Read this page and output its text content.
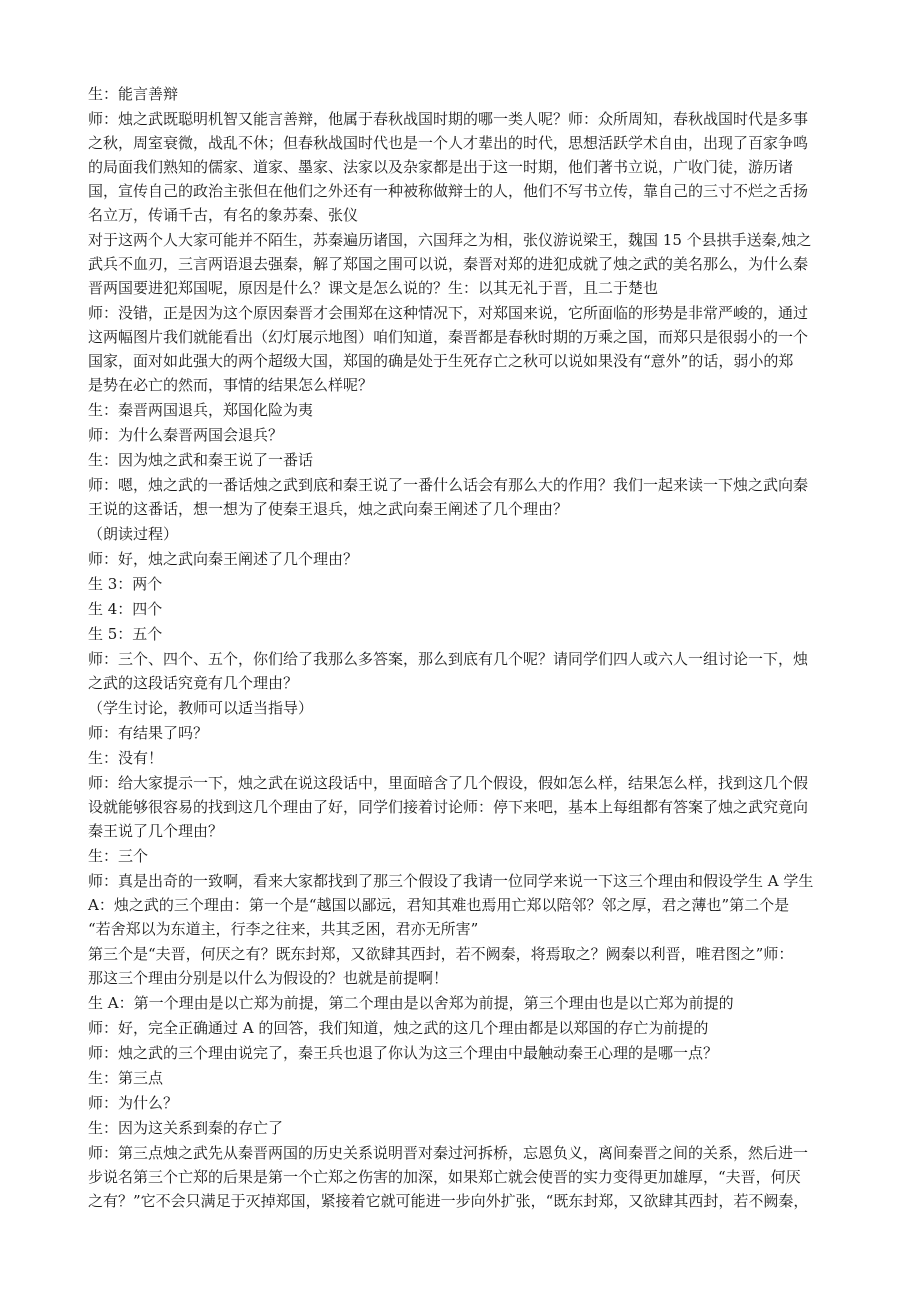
生：能言善辩

师：烛之武既聪明机智又能言善辩，他属于春秋战国时期的哪一类人呢？师：众所周知，春秋战国时代是多事
之秋，周室衰微，战乱不休；但春秋战国时代也是一个人才辈出的时代，思想活跃学术自由，出现了百家争鸣
的局面我们熟知的儒家、道家、墨家、法家以及杂家都是出于这一时期，他们著书立说，广收门徒，游历诸
国，宣传自己的政治主张但在他们之外还有一种被称做辩士的人，他们不写书立传，靠自己的三寸不烂之舌扬
名立万，传诵千古，有名的象苏秦、张仪

对于这两个人大家可能并不陌生，苏秦遍历诸国，六国拜之为相，张仪游说梁王，魏国 15 个县拱手送秦,烛之
武兵不血刃，三言两语退去强秦，解了郑国之围可以说，秦晋对郑的进犯成就了烛之武的美名那么，为什么秦
晋两国要进犯郑国呢，原因是什么？课文是怎么说的？生：以其无礼于晋，且二于楚也

师：没错，正是因为这个原因秦晋才会围郑在这种情况下，对郑国来说，它所面临的形势是非常严峻的，通过
这两幅图片我们就能看出（幻灯展示地图）咱们知道，秦晋都是春秋时期的万乘之国，而郑只是很弱小的一个
国家，面对如此强大的两个超级大国，郑国的确是处于生死存亡之秋可以说如果没有“意外”的话，弱小的郑
是势在必亡的然而，事情的结果怎么样呢？

生：秦晋两国退兵，郑国化险为夷

师：为什么秦晋两国会退兵？

生：因为烛之武和秦王说了一番话

师：嗯，烛之武的一番话烛之武到底和秦王说了一番什么话会有那么大的作用？我们一起来读一下烛之武向秦
王说的这番话，想一想为了使秦王退兵，烛之武向秦王阐述了几个理由？

（朗读过程）

师：好，烛之武向秦王阐述了几个理由？

生 3：两个

生 4：四个

生 5：五个

师：三个、四个、五个，你们给了我那么多答案，那么到底有几个呢？请同学们四人或六人一组讨论一下，烛
之武的这段话究竟有几个理由？

（学生讨论，教师可以适当指导）

师：有结果了吗？

生：没有！

师：给大家提示一下，烛之武在说这段话中，里面暗含了几个假设，假如怎么样，结果怎么样，找到这几个假
设就能够很容易的找到这几个理由了好，同学们接着讨论师：停下来吧，基本上每组都有答案了烛之武究竟向
秦王说了几个理由？

生：三个

师：真是出奇的一致啊，看来大家都找到了那三个假设了我请一位同学来说一下这三个理由和假设学生 A 学生
A：烛之武的三个理由：第一个是“越国以鄙远，君知其难也焉用亡郑以陪邻？邻之厚，君之薄也”第二个是
“若舍郑以为东道主，行李之往来，共其乏困，君亦无所害”

第三个是“夫晋，何厌之有？既东封郑，又欲肆其西封，若不阙秦，将焉取之？阙秦以利晋，唯君图之”师：
那这三个理由分别是以什么为假设的？也就是前提啊！

生 A：第一个理由是以亡郑为前提，第二个理由是以舍郑为前提，第三个理由也是以亡郑为前提的

师：好，完全正确通过 A 的回答，我们知道，烛之武的这几个理由都是以郑国的存亡为前提的

师：烛之武的三个理由说完了，秦王兵也退了你认为这三个理由中最触动秦王心理的是哪一点？

生：第三点

师：为什么？

生：因为这关系到秦的存亡了

师：第三点烛之武先从秦晋两国的历史关系说明晋对秦过河拆桥，忘恩负义，离间秦晋之间的关系，然后进一
步说名第三个亡郑的后果是第一个亡郑之伤害的加深，如果郑亡就会使晋的实力变得更加雄厚，“夫晋，何厌
之有？”它不会只满足于灭掉郑国，紧接着它就可能进一步向外扩张，“既东封郑，又欲肆其西封，若不阙秦，
